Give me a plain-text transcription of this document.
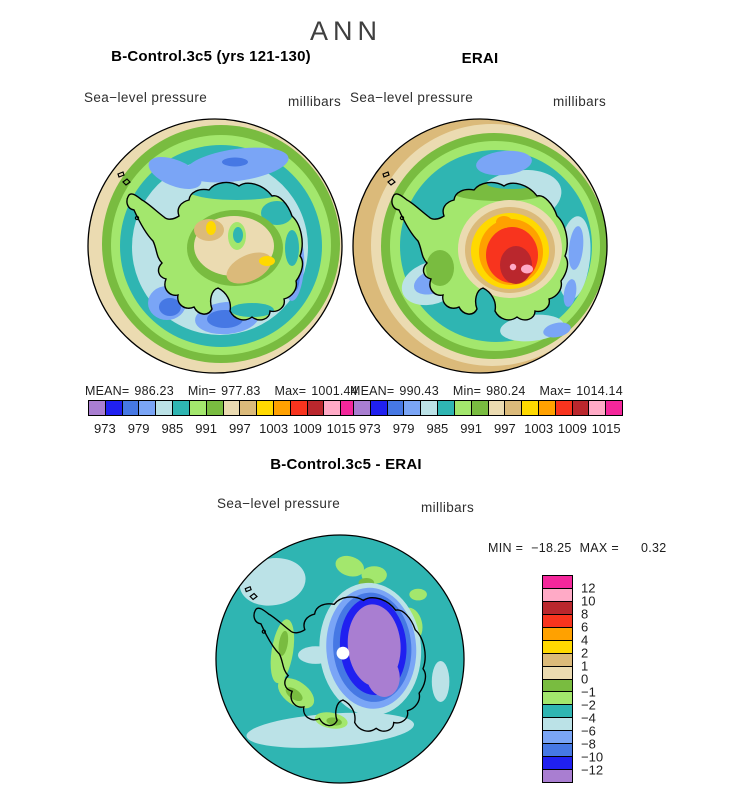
ANN
B-Control.3c5 (yrs 121-130)	ERAI
Sea−level pressure	millibars Sea−level pressure	millibars
MEAN= 986.23 Min= 977.83 Max= 1001.44
MEAN= 990.43 Min= 980.24 Max= 1014.14
973 979 985 991 997 1003 1009 1015 973 979 985 991 997 1003 1009 1015
B-Control.3c5 - ERAI
Sea−level pressure	millibars
MIN = −18.25 MAX = 0.32
12
10
8
6
4
2
1
0
−1
−2
−4
−6
−8
−10
−12
